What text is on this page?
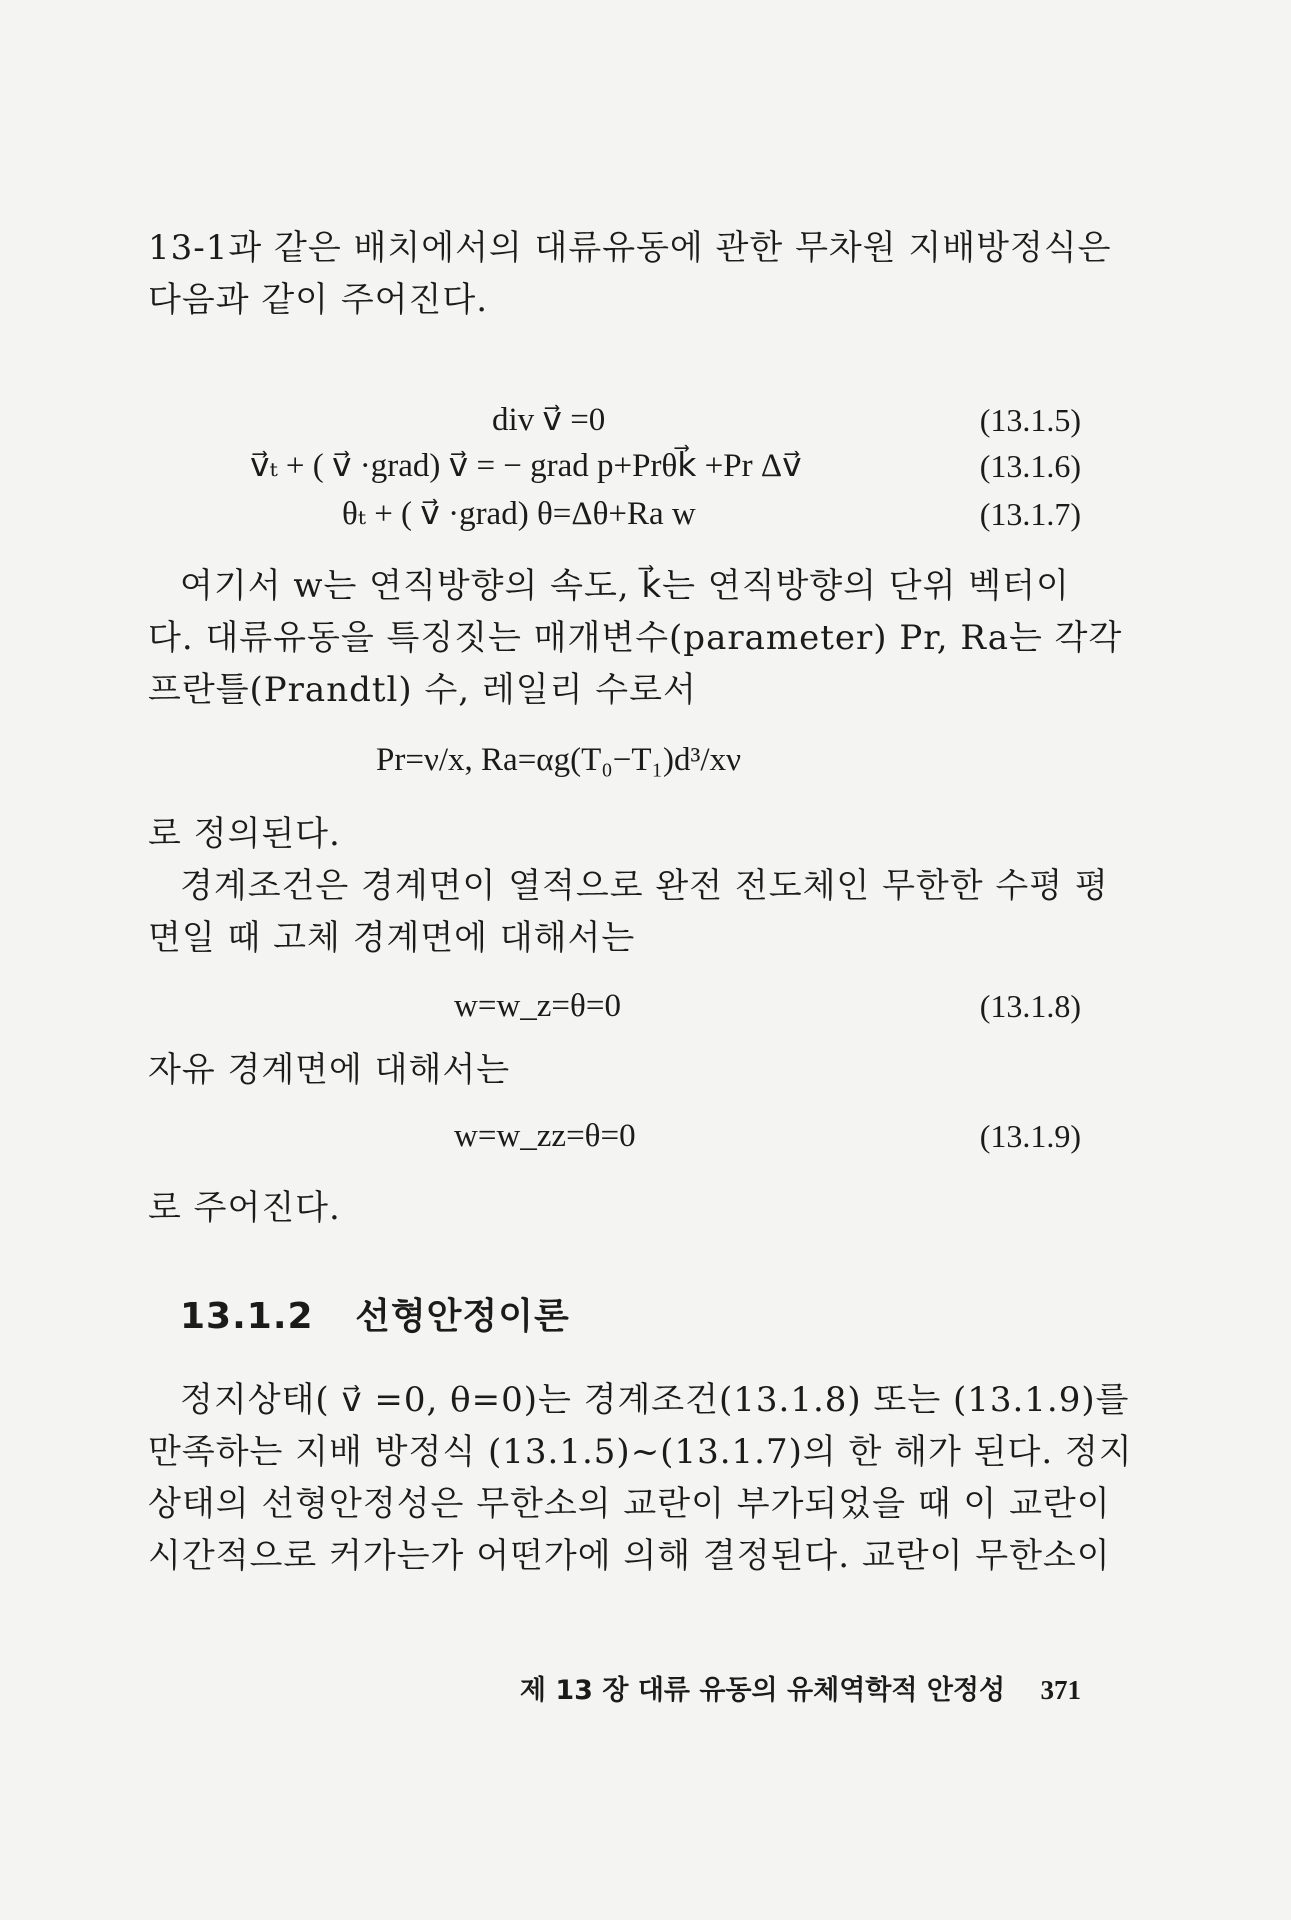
13-1과 같은 배치에서의 대류유동에 관한 무차원 지배방정식은
다음과 같이 주어진다.
div v⃗ =0	(13.1.5)
v⃗ₜ + ( v⃗ ·grad) v⃗ = − grad p+Prθk⃗ +Pr Δv⃗	(13.1.6)
θₜ + ( v⃗ ·grad) θ=Δθ+Ra w	(13.1.7)
여기서 w는 연직방향의 속도, k⃗는 연직방향의 단위 벡터이
다. 대류유동을 특징짓는 매개변수(parameter) Pr, Ra는 각각
프란틀(Prandtl) 수, 레일리 수로서
Pr=ν/x, Ra=αg(T₀−T₁)d³/xν
로 정의된다.
경계조건은 경계면이 열적으로 완전 전도체인 무한한 수평 평
면일 때 고체 경계면에 대해서는
w=w_z=θ=0	(13.1.8)
자유 경계면에 대해서는
w=w_zz=θ=0	(13.1.9)
로 주어진다.
13.1.2 선형안정이론
정지상태( v⃗ =0, θ=0)는 경계조건(13.1.8) 또는 (13.1.9)를
만족하는 지배 방정식 (13.1.5)~(13.1.7)의 한 해가 된다. 정지
상태의 선형안정성은 무한소의 교란이 부가되었을 때 이 교란이
시간적으로 커가는가 어떤가에 의해 결정된다. 교란이 무한소이
제 13 장 대류 유동의 유체역학적 안정성 371
